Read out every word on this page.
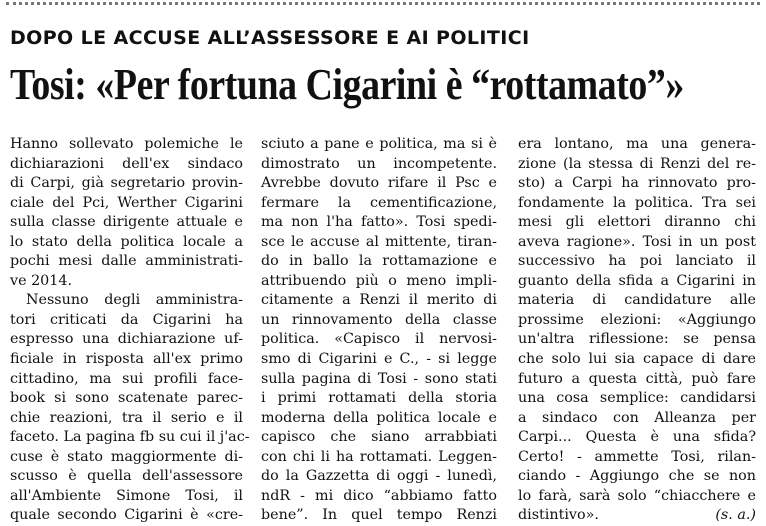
DOPO LE ACCUSE ALL’ASSESSORE E AI POLITICI
Tosi: «Per fortuna Cigarini è “rottamato”»
Hanno sollevato polemiche le
dichiarazioni dell'ex sindaco
di Carpi, già segretario provin-
ciale del Pci, Werther Cigarini
sulla classe dirigente attuale e
lo stato della politica locale a
pochi mesi dalle amministrati-
ve 2014.
Nessuno degli amministra-
tori criticati da Cigarini ha
espresso una dichiarazione uf-
ficiale in risposta all'ex primo
cittadino, ma sui profili face-
book si sono scatenate parec-
chie reazioni, tra il serio e il
faceto. La pagina fb su cui il j'ac-
cuse è stato maggiormente di-
scusso è quella dell'assessore
all'Ambiente Simone Tosi, il
quale secondo Cigarini è «cre-
sciuto a pane e politica, ma si è
dimostrato un incompetente.
Avrebbe dovuto rifare il Psc e
fermare la cementificazione,
ma non l'ha fatto». Tosi spedi-
sce le accuse al mittente, tiran-
do in ballo la rottamazione e
attribuendo più o meno impli-
citamente a Renzi il merito di
un rinnovamento della classe
politica. «Capisco il nervosi-
smo di Cigarini e C., - si legge
sulla pagina di Tosi - sono stati
i primi rottamati della storia
moderna della politica locale e
capisco che siano arrabbiati
con chi li ha rottamati. Leggen-
do la Gazzetta di oggi - lunedì,
ndR - mi dico “abbiamo fatto
bene”. In quel tempo Renzi
era lontano, ma una genera-
zione (la stessa di Renzi del re-
sto) a Carpi ha rinnovato pro-
fondamente la politica. Tra sei
mesi gli elettori diranno chi
aveva ragione». Tosi in un post
successivo ha poi lanciato il
guanto della sfida a Cigarini in
materia di candidature alle
prossime elezioni: «Aggiungo
un'altra riflessione: se pensa
che solo lui sia capace di dare
futuro a questa città, può fare
una cosa semplice: candidarsi
a sindaco con Alleanza per
Carpi... Questa è una sfida?
Certo! - ammette Tosi, rilan-
ciando - Aggiungo che se non
lo farà, sarà solo “chiacchere e
distintivo».	(s. a.)
